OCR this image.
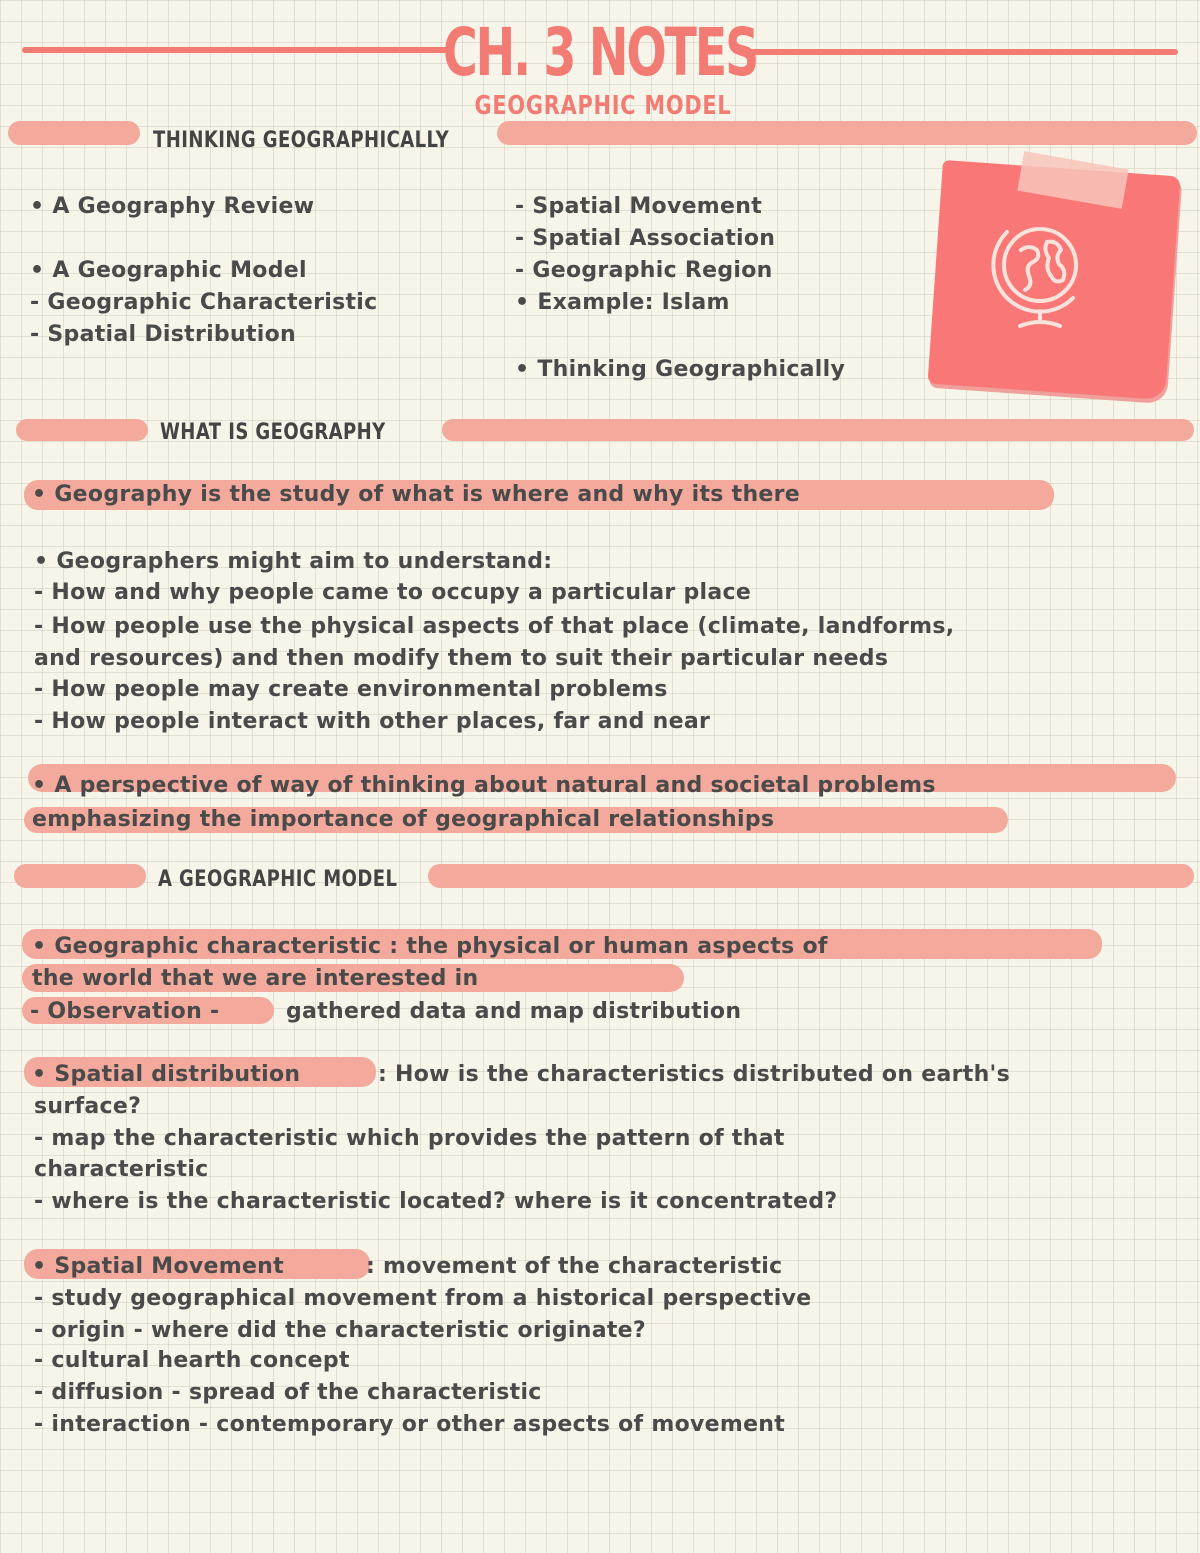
CH. 3 NOTES
GEOGRAPHIC MODEL
THINKING GEOGRAPHICALLY
• A Geography Review
• A Geographic Model
- Geographic Characteristic
- Spatial Distribution
- Spatial Movement
- Spatial Association
- Geographic Region
• Example: Islam
• Thinking Geographically
WHAT IS GEOGRAPHY
• Geography is the study of what is where and why its there
• Geographers might aim to understand:
- How and why people came to occupy a particular place
- How people use the physical aspects of that place (climate, landforms,
and resources) and then modify them to suit their particular needs
- How people may create environmental problems
- How people interact with other places, far and near
• A perspective of way of thinking about natural and societal problems
emphasizing the importance of geographical relationships
A GEOGRAPHIC MODEL
• Geographic characteristic : the physical or human aspects of
the world that we are interested in
- Observation -	gathered data and map distribution
• Spatial distribution	: How is the characteristics distributed on earth's
surface?
- map the characteristic which provides the pattern of that
characteristic
- where is the characteristic located? where is it concentrated?
• Spatial Movement	: movement of the characteristic
- study geographical movement from a historical perspective
- origin - where did the characteristic originate?
- cultural hearth concept
- diffusion - spread of the characteristic
- interaction - contemporary or other aspects of movement
